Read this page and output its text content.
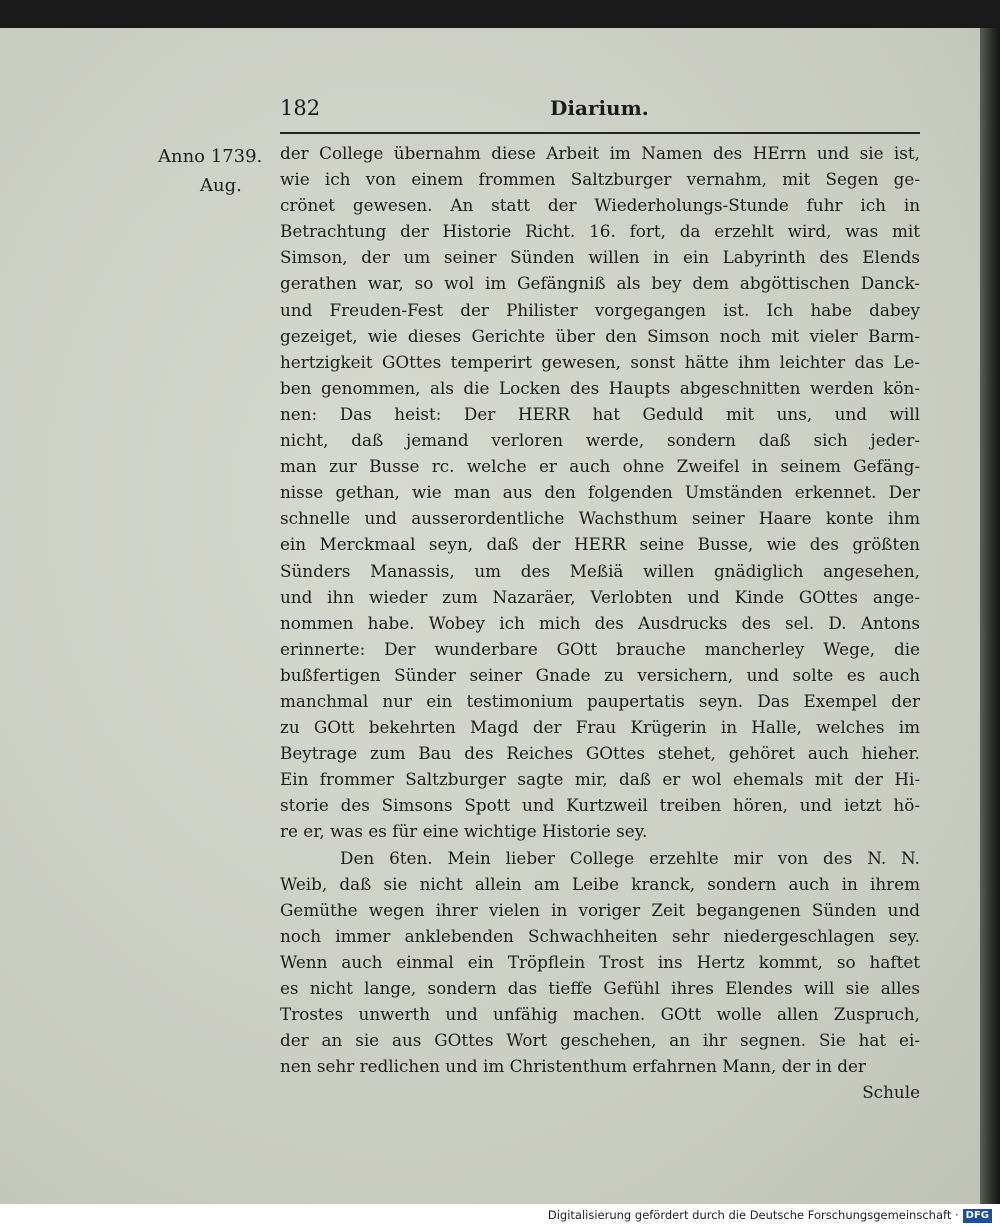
182	Diarium.
Anno 1739.
Aug.
der College übernahm diese Arbeit im Namen des HErrn und sie ist,
wie ich von einem frommen Saltzburger vernahm, mit Segen ge-
crönet gewesen. An statt der Wiederholungs-Stunde fuhr ich in
Betrachtung der Historie Richt. 16. fort, da erzehlt wird, was mit
Simson, der um seiner Sünden willen in ein Labyrinth des Elends
gerathen war, so wol im Gefängniß als bey dem abgöttischen Danck-
und Freuden-Fest der Philister vorgegangen ist. Ich habe dabey
gezeiget, wie dieses Gerichte über den Simson noch mit vieler Barm-
hertzigkeit GOttes temperirt gewesen, sonst hätte ihm leichter das Le-
ben genommen, als die Locken des Haupts abgeschnitten werden kön-
nen: Das heist: Der HERR hat Geduld mit uns, und will
nicht, daß jemand verloren werde, sondern daß sich jeder-
man zur Busse rc. welche er auch ohne Zweifel in seinem Gefäng-
nisse gethan, wie man aus den folgenden Umständen erkennet. Der
schnelle und ausserordentliche Wachsthum seiner Haare konte ihm
ein Merckmaal seyn, daß der HERR seine Busse, wie des größten
Sünders Manassis, um des Meßiä willen gnädiglich angesehen,
und ihn wieder zum Nazaräer, Verlobten und Kinde GOttes ange-
nommen habe. Wobey ich mich des Ausdrucks des sel. D. Antons
erinnerte: Der wunderbare GOtt brauche mancherley Wege, die
bußfertigen Sünder seiner Gnade zu versichern, und solte es auch
manchmal nur ein testimonium paupertatis seyn. Das Exempel der
zu GOtt bekehrten Magd der Frau Krügerin in Halle, welches im
Beytrage zum Bau des Reiches GOttes stehet, gehöret auch hieher.
Ein frommer Saltzburger sagte mir, daß er wol ehemals mit der Hi-
storie des Simsons Spott und Kurtzweil treiben hören, und ietzt hö-
re er, was es für eine wichtige Historie sey.
Den 6ten. Mein lieber College erzehlte mir von des N. N.
Weib, daß sie nicht allein am Leibe kranck, sondern auch in ihrem
Gemüthe wegen ihrer vielen in voriger Zeit begangenen Sünden und
noch immer anklebenden Schwachheiten sehr niedergeschlagen sey.
Wenn auch einmal ein Tröpflein Trost ins Hertz kommt, so haftet
es nicht lange, sondern das tieffe Gefühl ihres Elendes will sie alles
Trostes unwerth und unfähig machen. GOtt wolle allen Zuspruch,
der an sie aus GOttes Wort geschehen, an ihr segnen. Sie hat ei-
nen sehr redlichen und im Christenthum erfahrnen Mann, der in der
Schule
Digitalisierung gefördert durch die Deutsche Forschungsgemeinschaft · DFG
